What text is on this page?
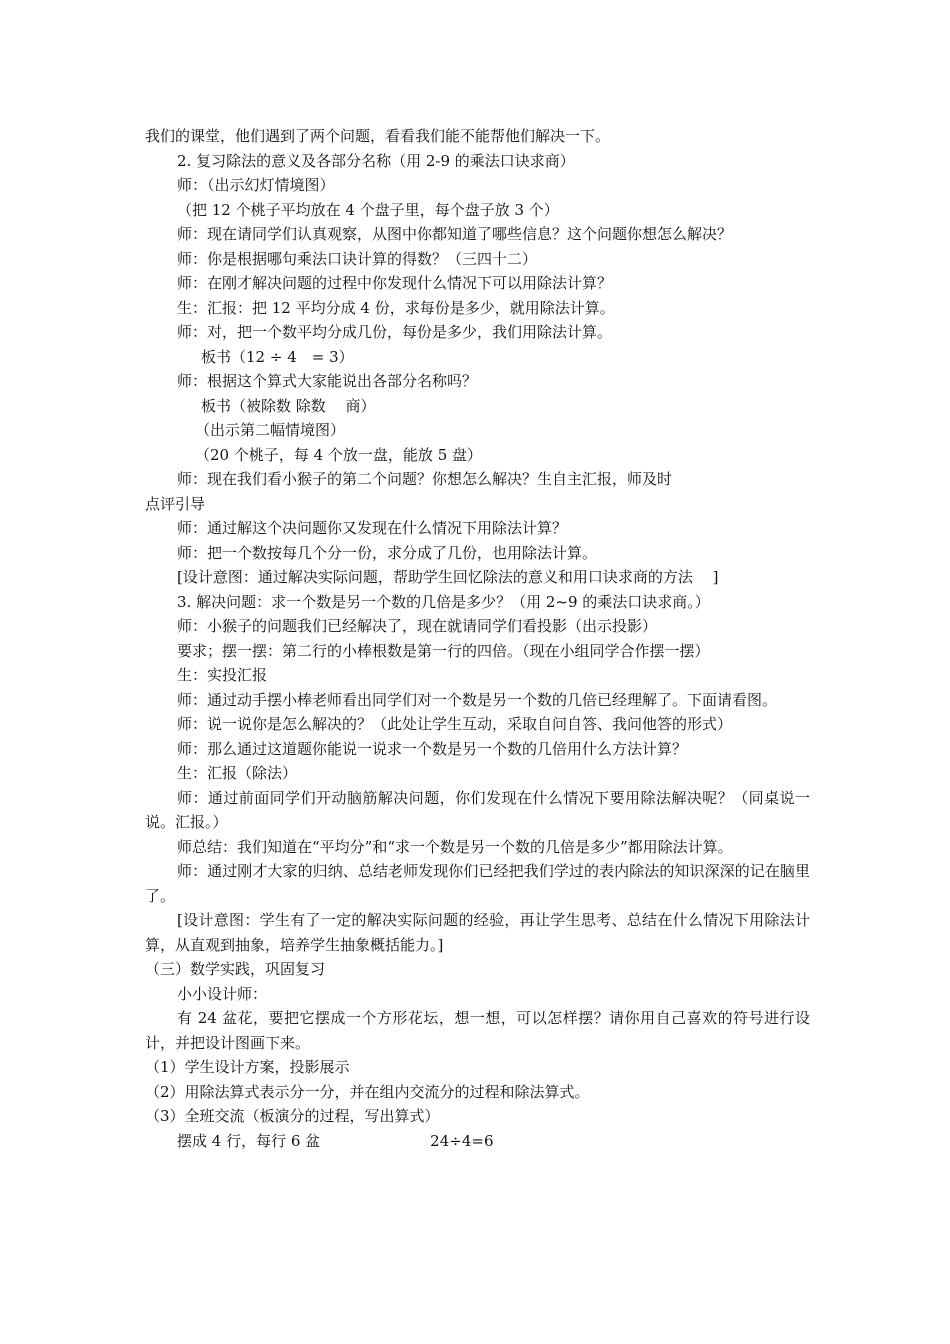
我们的课堂，他们遇到了两个问题，看看我们能不能帮他们解决一下。
2. 复习除法的意义及各部分名称（用 2-9 的乘法口诀求商）
师：（出示幻灯情境图）
（把 12 个桃子平均放在 4 个盘子里，每个盘子放 3 个）
师：现在请同学们认真观察，从图中你都知道了哪些信息？这个问题你想怎么解决？
师：你是根据哪句乘法口诀计算的得数？（三四十二）
师：在刚才解决问题的过程中你发现什么情况下可以用除法计算？
生：汇报：把 12 平均分成 4 份，求每份是多少，就用除法计算。
师：对，把一个数平均分成几份，每份是多少，我们用除法计算。
板书（12 ÷ 4　= 3）
师：根据这个算式大家能说出各部分名称吗？
板书（被除数 除数　 商）
（出示第二幅情境图）
（20 个桃子，每 4 个放一盘，能放 5 盘）
师：现在我们看小猴子的第二个问题？你想怎么解决？生自主汇报，师及时
点评引导
师：通过解这个决问题你又发现在什么情况下用除法计算？
师：把一个数按每几个分一份，求分成了几份，也用除法计算。
[设计意图：通过解决实际问题，帮助学生回忆除法的意义和用口诀求商的方法　 ]
3. 解决问题：求一个数是另一个数的几倍是多少？（用 2~9 的乘法口诀求商。）
师：小猴子的问题我们已经解决了，现在就请同学们看投影（出示投影）
要求；摆一摆：第二行的小棒根数是第一行的四倍。（现在小组同学合作摆一摆）
生：实投汇报
师：通过动手摆小棒老师看出同学们对一个数是另一个数的几倍已经理解了。下面请看图。
师：说一说你是怎么解决的？（此处让学生互动，采取自问自答、我问他答的形式）
师：那么通过这道题你能说一说求一个数是另一个数的几倍用什么方法计算？
生：汇报（除法）
师：通过前面同学们开动脑筋解决问题，你们发现在什么情况下要用除法解决呢？（同桌说一说。汇报。）
师总结：我们知道在“平均分”和“求一个数是另一个数的几倍是多少”都用除法计算。
师：通过刚才大家的归纳、总结老师发现你们已经把我们学过的表内除法的知识深深的记在脑里了。
[设计意图：学生有了一定的解决实际问题的经验，再让学生思考、总结在什么情况下用除法计算，从直观到抽象，培养学生抽象概括能力。]
（三）数学实践，巩固复习
小小设计师：
有 24 盆花，要把它摆成一个方形花坛，想一想，可以怎样摆？请你用自己喜欢的符号进行设计，并把设计图画下来。
（1）学生设计方案，投影展示
（2）用除法算式表示分一分，并在组内交流分的过程和除法算式。
（3）全班交流（板演分的过程，写出算式）
摆成 4 行，每行 6 盆	24÷4=6
